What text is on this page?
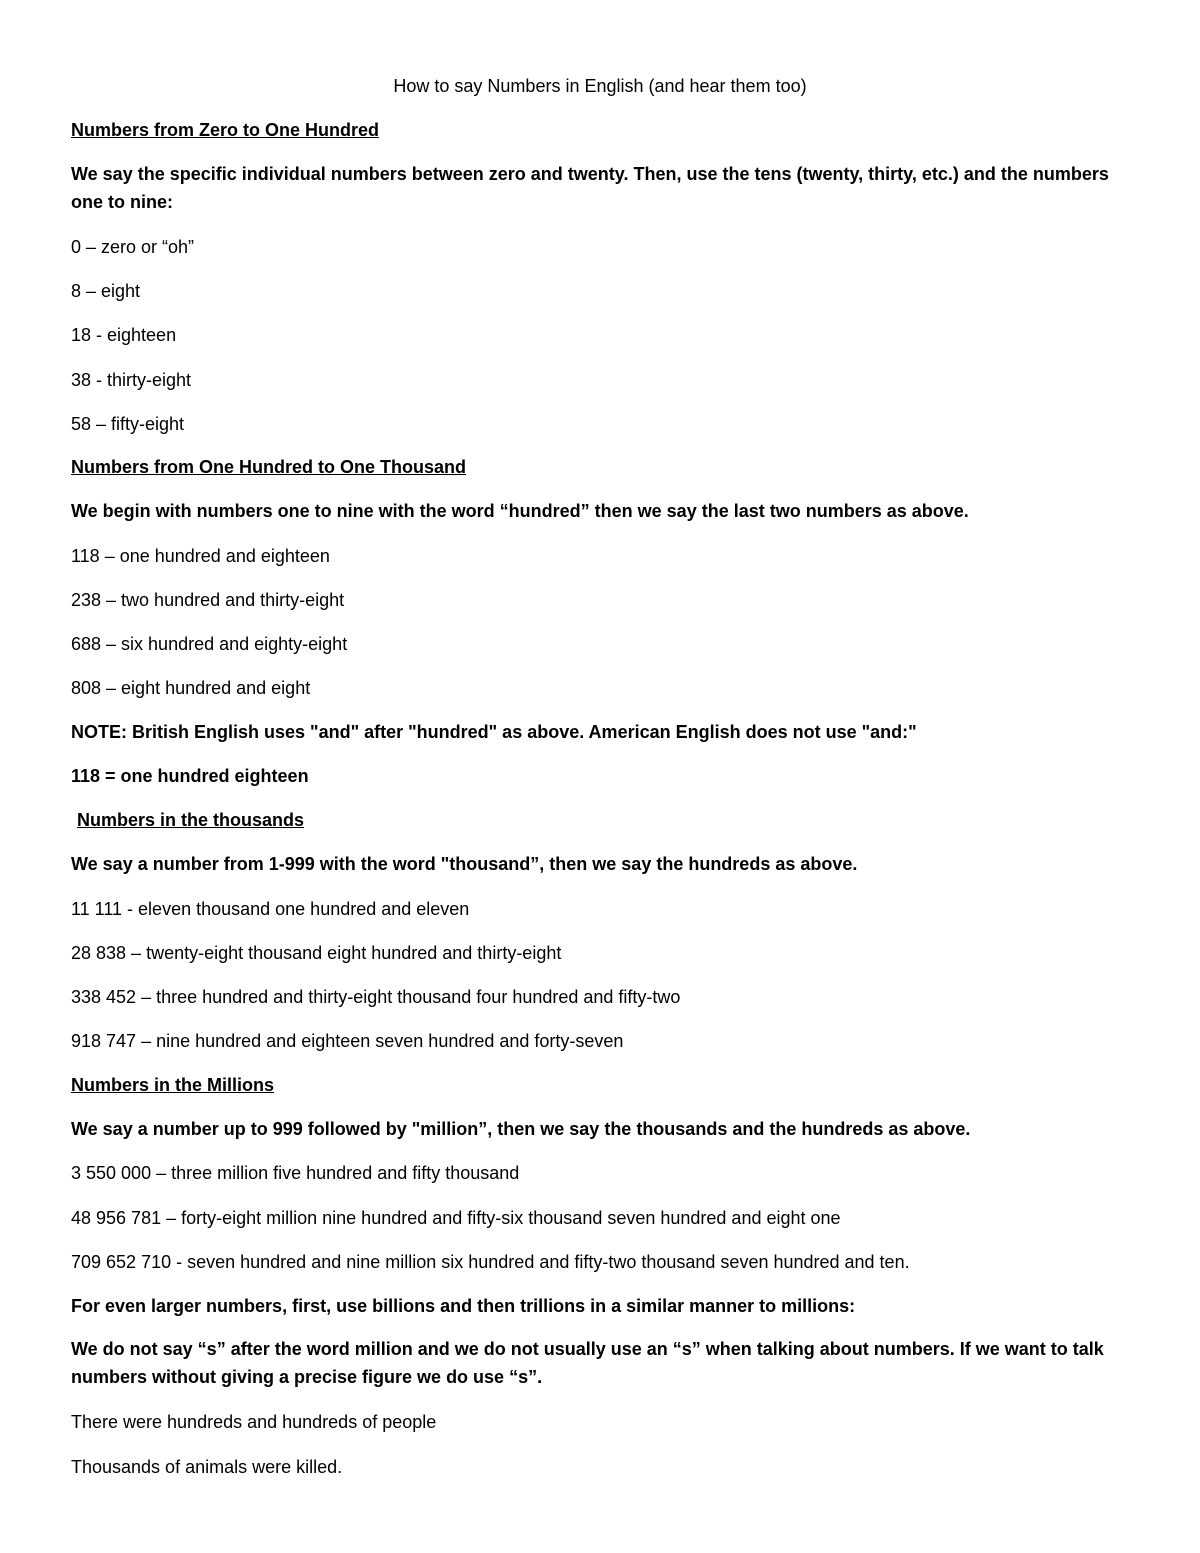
How to say Numbers in English (and hear them too)
Numbers from Zero to One Hundred
We say the specific individual numbers between zero and twenty. Then, use the tens (twenty, thirty, etc.) and the numbers one to nine:
0 – zero or “oh”
8 – eight
18 - eighteen
38 - thirty-eight
58 – fifty-eight
Numbers from One Hundred to One Thousand
We begin with numbers one to nine with the word “hundred” then we say the last two numbers as above.
118 – one hundred and eighteen
238 – two hundred and thirty-eight
688 – six hundred and eighty-eight
808 – eight hundred and eight
NOTE: British English uses "and" after "hundred" as above. American English does not use "and:"
118 = one hundred eighteen
Numbers in the thousands
We say a number from 1-999 with the word "thousand”, then we say the hundreds as above.
11 111 - eleven thousand one hundred and eleven
28 838 – twenty-eight thousand eight hundred and thirty-eight
338 452 – three hundred and thirty-eight thousand four hundred and fifty-two
918 747 – nine hundred and eighteen seven hundred and forty-seven
Numbers in the Millions
We say a number up to 999 followed by "million”, then we say the thousands and the hundreds as above.
3 550 000 – three million five hundred and fifty thousand
48 956 781 – forty-eight million nine hundred and fifty-six thousand seven hundred and eight one
709 652 710 - seven hundred and nine million six hundred and fifty-two thousand seven hundred and ten.
For even larger numbers, first, use billions and then trillions in a similar manner to millions:
We do not say “s” after the word million and we do not usually use an “s” when talking about numbers. If we want to talk numbers without giving a precise figure we do use “s”.
There were hundreds and hundreds of people
Thousands of animals were killed.
